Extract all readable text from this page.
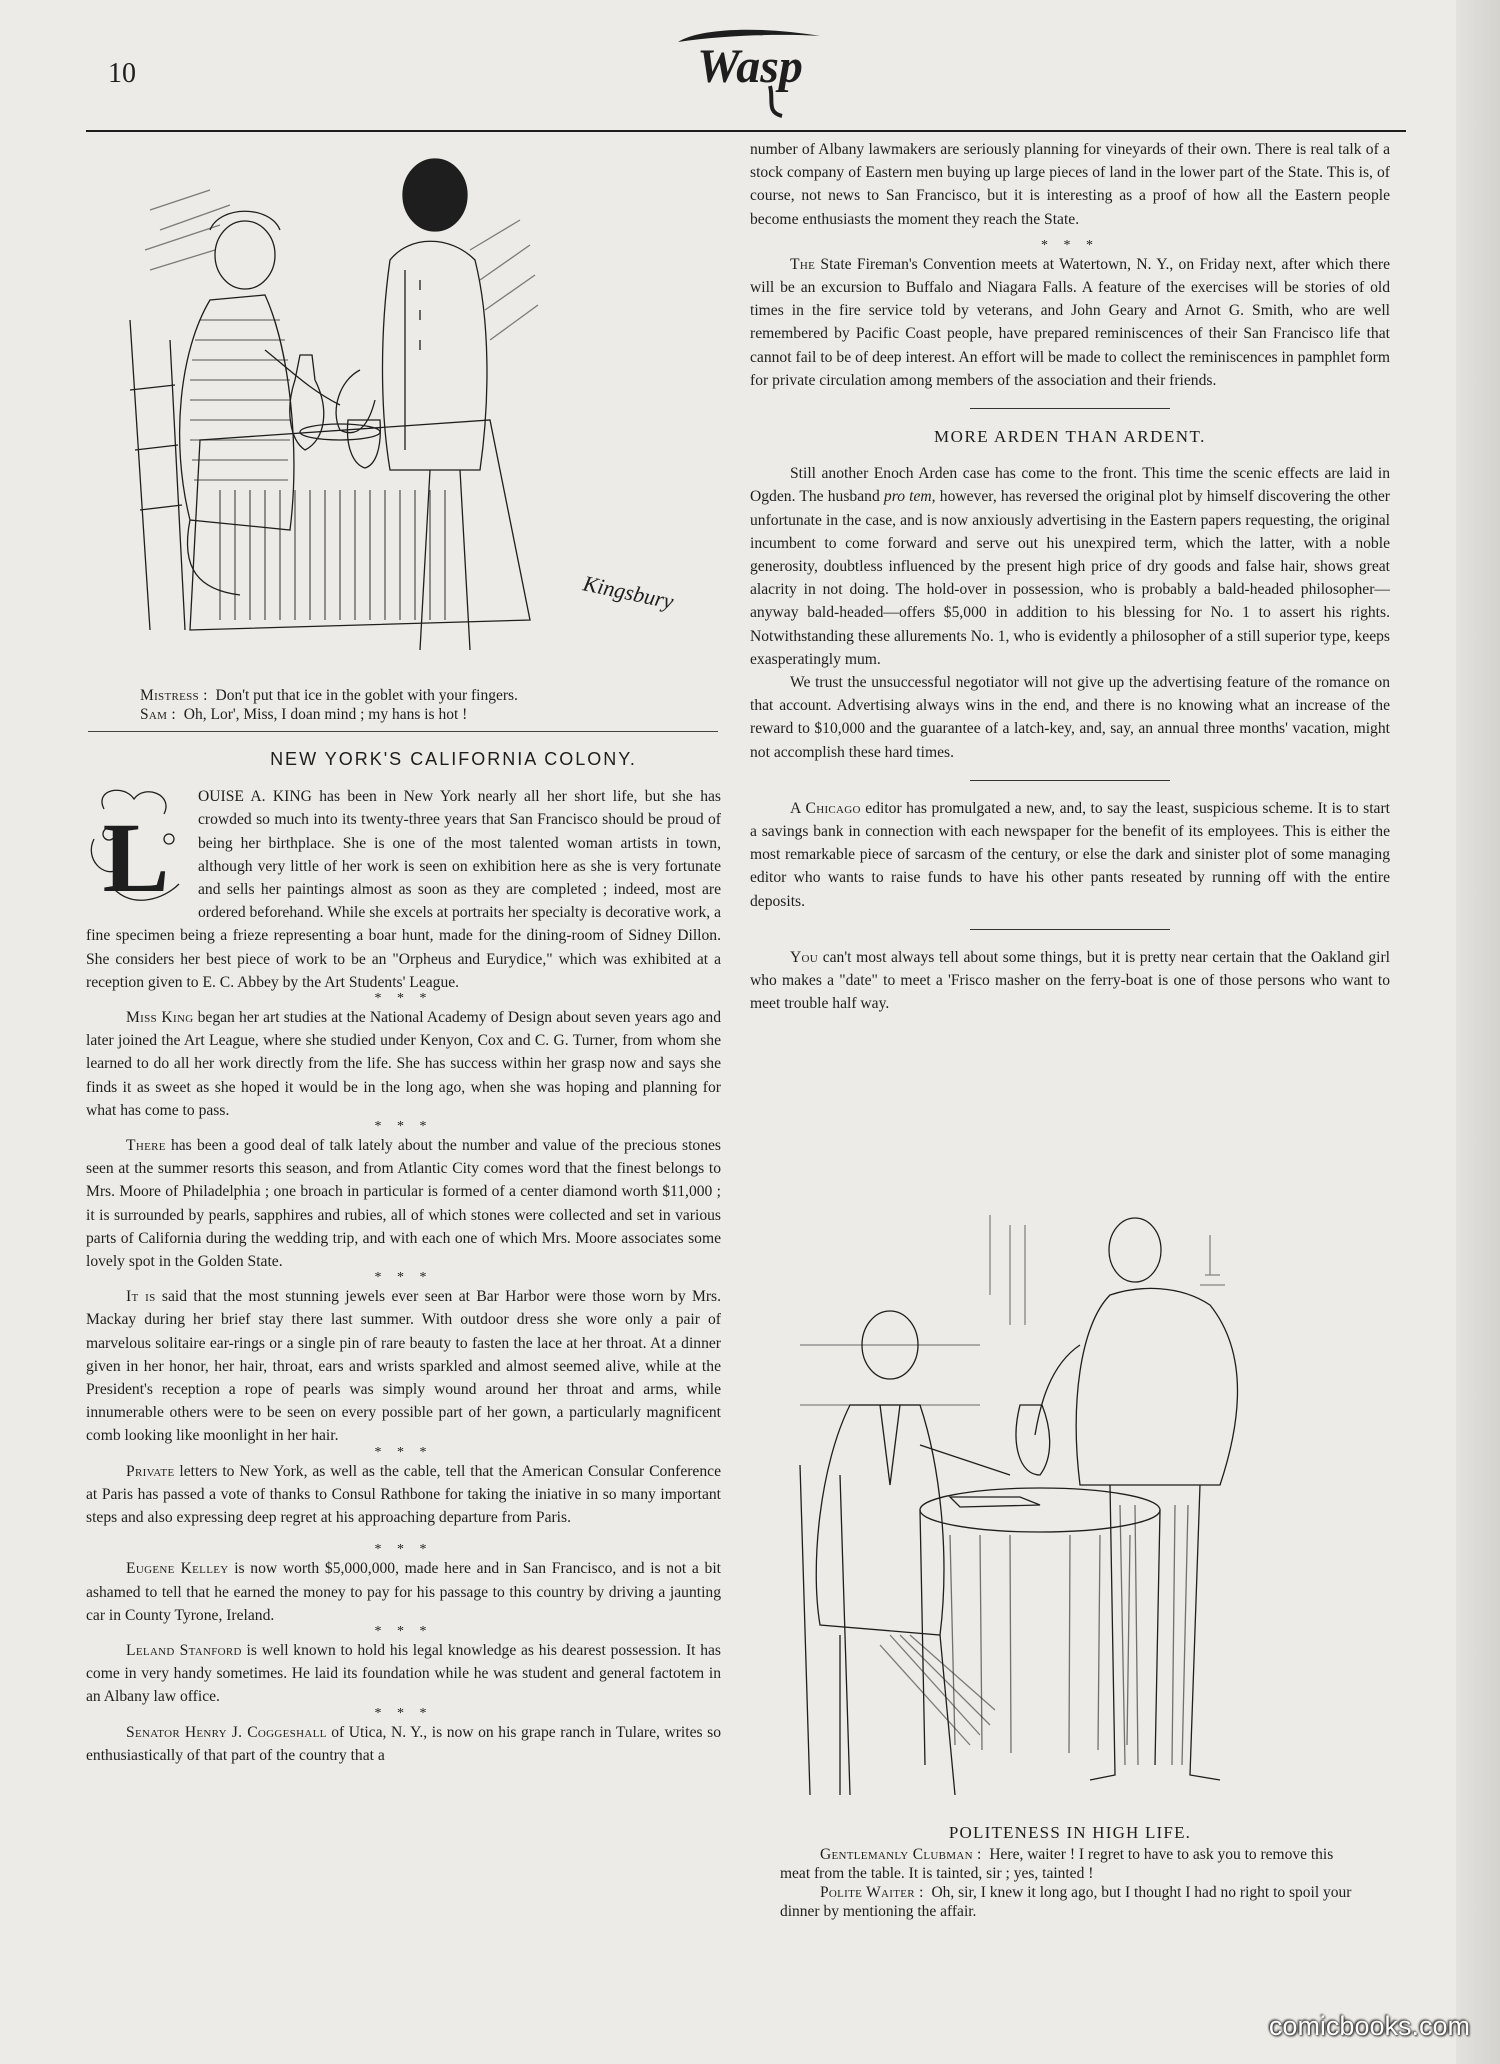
10	Wasp
Kingsbury

Mistress : Don't put that ice in the goblet with your fingers.

Sam : Oh, Lor', Miss, I doan mind ; my hans is hot !

NEW YORK'S CALIFORNIA COLONY.
L

OUISE A. KING has been in New York nearly all her short life, but she has crowded so much into its twenty-three years that San Francisco should be proud of being her birthplace. She is one of the most talented woman artists in town, although very little of her work is seen on exhibition here as she is very fortunate and sells her paintings almost as soon as they are completed ; indeed, most are ordered beforehand. While she excels at portraits her specialty is decorative work, a fine specimen being a frieze representing a boar hunt, made for the dining-room of Sidney Dillon. She considers her best piece of work to be an "Orpheus and Eurydice," which was exhibited at a reception given to E. C. Abbey by the Art Students' League.

* * *

Miss King began her art studies at the National Academy of Design about seven years ago and later joined the Art League, where she studied under Kenyon, Cox and C. G. Turner, from whom she learned to do all her work directly from the life. She has success within her grasp now and says she finds it as sweet as she hoped it would be in the long ago, when she was hoping and planning for what has come to pass.

* * *

There has been a good deal of talk lately about the number and value of the precious stones seen at the summer resorts this season, and from Atlantic City comes word that the finest belongs to Mrs. Moore of Philadelphia ; one broach in particular is formed of a center diamond worth $11,000 ; it is surrounded by pearls, sapphires and rubies, all of which stones were collected and set in various parts of California during the wedding trip, and with each one of which Mrs. Moore associates some lovely spot in the Golden State.

* * *

It is said that the most stunning jewels ever seen at Bar Harbor were those worn by Mrs. Mackay during her brief stay there last summer. With outdoor dress she wore only a pair of marvelous solitaire ear-rings or a single pin of rare beauty to fasten the lace at her throat. At a dinner given in her honor, her hair, throat, ears and wrists sparkled and almost seemed alive, while at the President's reception a rope of pearls was simply wound around her throat and arms, while innumerable others were to be seen on every possible part of her gown, a particularly magnificent comb looking like moonlight in her hair.

* * *

Private letters to New York, as well as the cable, tell that the American Consular Conference at Paris has passed a vote of thanks to Consul Rathbone for taking the iniative in so many important steps and also expressing deep regret at his approaching departure from Paris.

* * *

Eugene Kelley is now worth $5,000,000, made here and in San Francisco, and is not a bit ashamed to tell that he earned the money to pay for his passage to this country by driving a jaunting car in County Tyrone, Ireland.

* * *

Leland Stanford is well known to hold his legal knowledge as his dearest possession. It has come in very handy sometimes. He laid its foundation while he was student and general factotem in an Albany law office.

* * *

Senator Henry J. Coggeshall of Utica, N. Y., is now on his grape ranch in Tulare, writes so enthusiastically of that part of the country that a

number of Albany lawmakers are seriously planning for vineyards of their own. There is real talk of a stock company of Eastern men buying up large pieces of land in the lower part of the State. This is, of course, not news to San Francisco, but it is interesting as a proof of how all the Eastern people become enthusiasts the moment they reach the State.

* * *

The State Fireman's Convention meets at Watertown, N. Y., on Friday next, after which there will be an excursion to Buffalo and Niagara Falls. A feature of the exercises will be stories of old times in the fire service told by veterans, and John Geary and Arnot G. Smith, who are well remembered by Pacific Coast people, have prepared reminiscences of their San Francisco life that cannot fail to be of deep interest. An effort will be made to collect the reminiscences in pamphlet form for private circulation among members of the association and their friends.

MORE ARDEN THAN ARDENT.

Still another Enoch Arden case has come to the front. This time the scenic effects are laid in Ogden. The husband pro tem, however, has reversed the original plot by himself discovering the other unfortunate in the case, and is now anxiously advertising in the Eastern papers requesting, the original incumbent to come forward and serve out his unexpired term, which the latter, with a noble generosity, doubtless influenced by the present high price of dry goods and false hair, shows great alacrity in not doing. The hold-over in possession, who is probably a bald-headed philosopher—anyway bald-headed—offers $5,000 in addition to his blessing for No. 1 to assert his rights. Notwithstanding these allurements No. 1, who is evidently a philosopher of a still superior type, keeps exasperatingly mum.

We trust the unsuccessful negotiator will not give up the advertising feature of the romance on that account. Advertising always wins in the end, and there is no knowing what an increase of the reward to $10,000 and the guarantee of a latch-key, and, say, an annual three months' vacation, might not accomplish these hard times.

A Chicago editor has promulgated a new, and, to say the least, suspicious scheme. It is to start a savings bank in connection with each newspaper for the benefit of its employees. This is either the most remarkable piece of sarcasm of the century, or else the dark and sinister plot of some managing editor who wants to raise funds to have his other pants reseated by running off with the entire deposits.

You can't most always tell about some things, but it is pretty near certain that the Oakland girl who makes a "date" to meet a 'Frisco masher on the ferry-boat is one of those persons who want to meet trouble half way.

POLITENESS IN HIGH LIFE.

Gentlemanly Clubman : Here, waiter ! I regret to have to ask you to remove this meat from the table. It is tainted, sir ; yes, tainted !

Polite Waiter : Oh, sir, I knew it long ago, but I thought I had no right to spoil your dinner by mentioning the affair.

comicbooks.com
